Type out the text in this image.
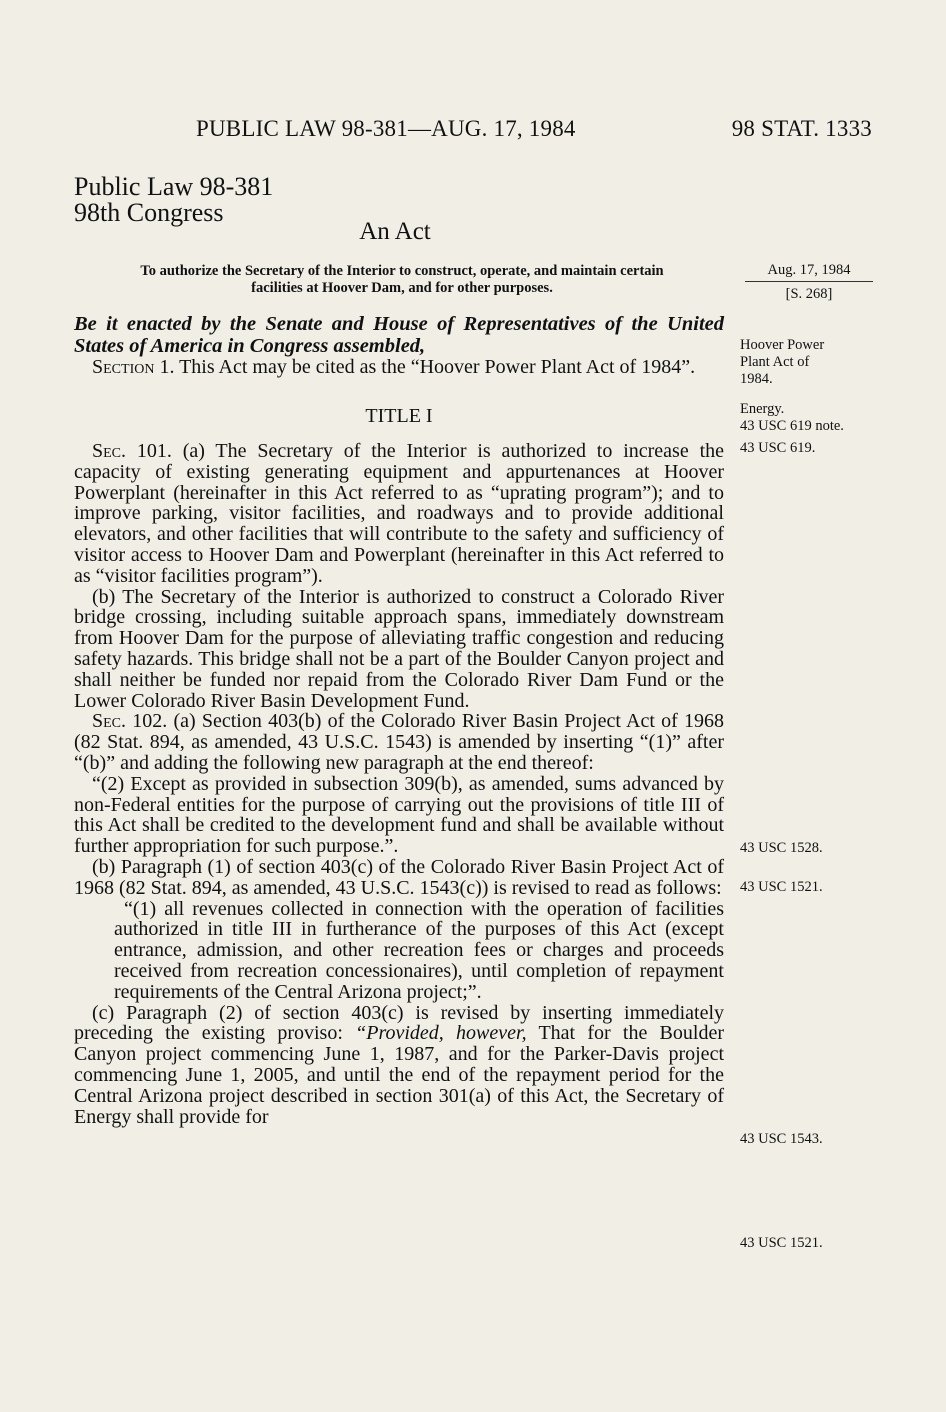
PUBLIC LAW 98-381—AUG. 17, 1984	98 STAT. 1333
Public Law 98-381
98th Congress
An Act
To authorize the Secretary of the Interior to construct, operate, and maintain certain
facilities at Hoover Dam, and for other purposes.
Aug. 17, 1984
[S. 268]
Hoover Power
Plant Act of
1984.
Energy.
43 USC 619 note.
43 USC 619.
43 USC 1528.
43 USC 1521.
43 USC 1543.
43 USC 1521.
Be it enacted by the Senate and House of Representatives of the United States of America in Congress assembled,
Section 1. This Act may be cited as the “Hoover Power Plant Act of 1984”.
TITLE I

Sec. 101. (a) The Secretary of the Interior is authorized to increase the capacity of existing generating equipment and appurtenances at Hoover Powerplant (hereinafter in this Act referred to as “uprating program”); and to improve parking, visitor facilities, and roadways and to provide additional elevators, and other facilities that will contribute to the safety and sufficiency of visitor access to Hoover Dam and Powerplant (hereinafter in this Act referred to as “visitor facilities program”).

(b) The Secretary of the Interior is authorized to construct a Colorado River bridge crossing, including suitable approach spans, immediately downstream from Hoover Dam for the purpose of alleviating traffic congestion and reducing safety hazards. This bridge shall not be a part of the Boulder Canyon project and shall neither be funded nor repaid from the Colorado River Dam Fund or the Lower Colorado River Basin Development Fund.

Sec. 102. (a) Section 403(b) of the Colorado River Basin Project Act of 1968 (82 Stat. 894, as amended, 43 U.S.C. 1543) is amended by inserting “(1)” after “(b)” and adding the following new paragraph at the end thereof:

“(2) Except as provided in subsection 309(b), as amended, sums advanced by non-Federal entities for the purpose of carrying out the provisions of title III of this Act shall be credited to the development fund and shall be available without further appropriation for such purpose.”.

(b) Paragraph (1) of section 403(c) of the Colorado River Basin Project Act of 1968 (82 Stat. 894, as amended, 43 U.S.C. 1543(c)) is revised to read as follows:

“(1) all revenues collected in connection with the operation of facilities authorized in title III in furtherance of the purposes of this Act (except entrance, admission, and other recreation fees or charges and proceeds received from recreation concessionaires), until completion of repayment requirements of the Central Arizona project;”.

(c) Paragraph (2) of section 403(c) is revised by inserting immediately preceding the existing proviso: “Provided, however, That for the Boulder Canyon project commencing June 1, 1987, and for the Parker-Davis project commencing June 1, 2005, and until the end of the repayment period for the Central Arizona project described in section 301(a) of this Act, the Secretary of Energy shall provide for
